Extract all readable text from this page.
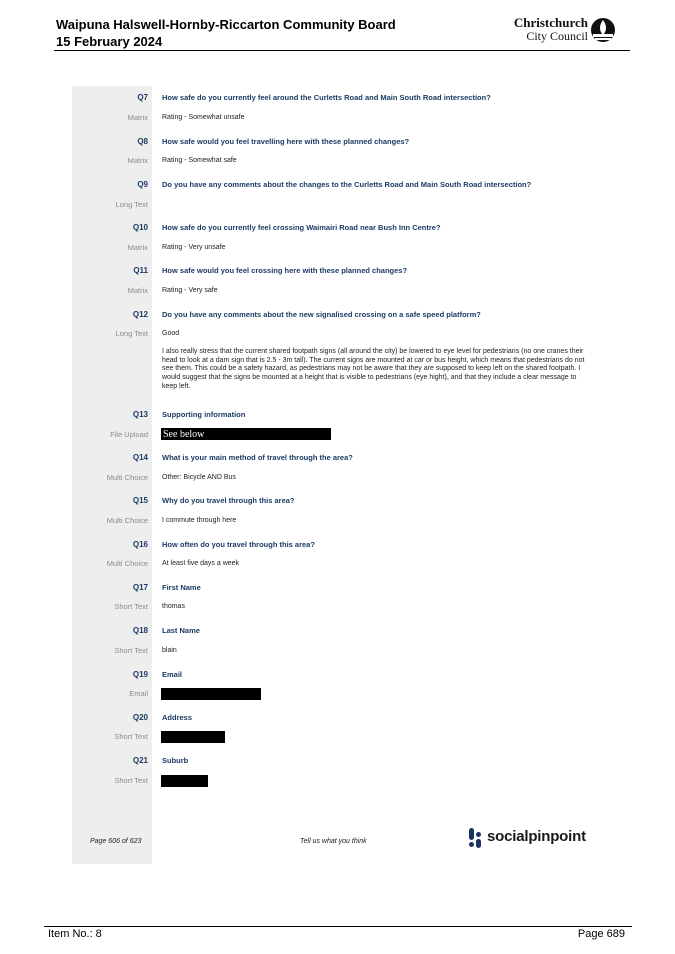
Waipuna Halswell-Hornby-Riccarton Community Board
15 February 2024
Christchurch
City Council
Q7 How safe do you currently feel around the Curletts Road and Main South Road intersection?
Matrix Rating - Somewhat unsafe
Q8 How safe would you feel travelling here with these planned changes?
Matrix Rating - Somewhat safe
Q9 Do you have any comments about the changes to the Curletts Road and Main South Road intersection?
Long Text
Q10 How safe do you currently feel crossing Waimairi Road near Bush Inn Centre?
Matrix Rating - Very unsafe
Q11 How safe would you feel crossing here with these planned changes?
Matrix Rating - Very safe
Q12 Do you have any comments about the new signalised crossing on a safe speed platform?
Long Text Good
I also really stress that the current shared footpath signs (all around the city) be lowered to eye level for pedestrians (no one cranes their head to look at a dam sign that is 2.5 - 3m tall). The current signs are mounted at car or bus height, which means that pedestrians do not see them. This could be a safety hazard, as pedestrians may not be aware that they are supposed to keep left on the shared footpath. I would suggest that the signs be mounted at a height that is visible to pedestrians (eye hight), and that they include a clear message to keep left.
Q13 Supporting information
File Upload See below
Q14 What is your main method of travel through the area?
Multi Choice Other: Bicycle AND Bus
Q15 Why do you travel through this area?
Multi Choice I commute through here
Q16 How often do you travel through this area?
Multi Choice At least five days a week
Q17 First Name
Short Text thomas
Q18 Last Name
Short Text blain
Q19 Email
Email
Q20 Address
Short Text
Q21 Suburb
Short Text
Page 606 of 623	Tell us what you think	socialpinpoint
Item No.: 8	Page 689
